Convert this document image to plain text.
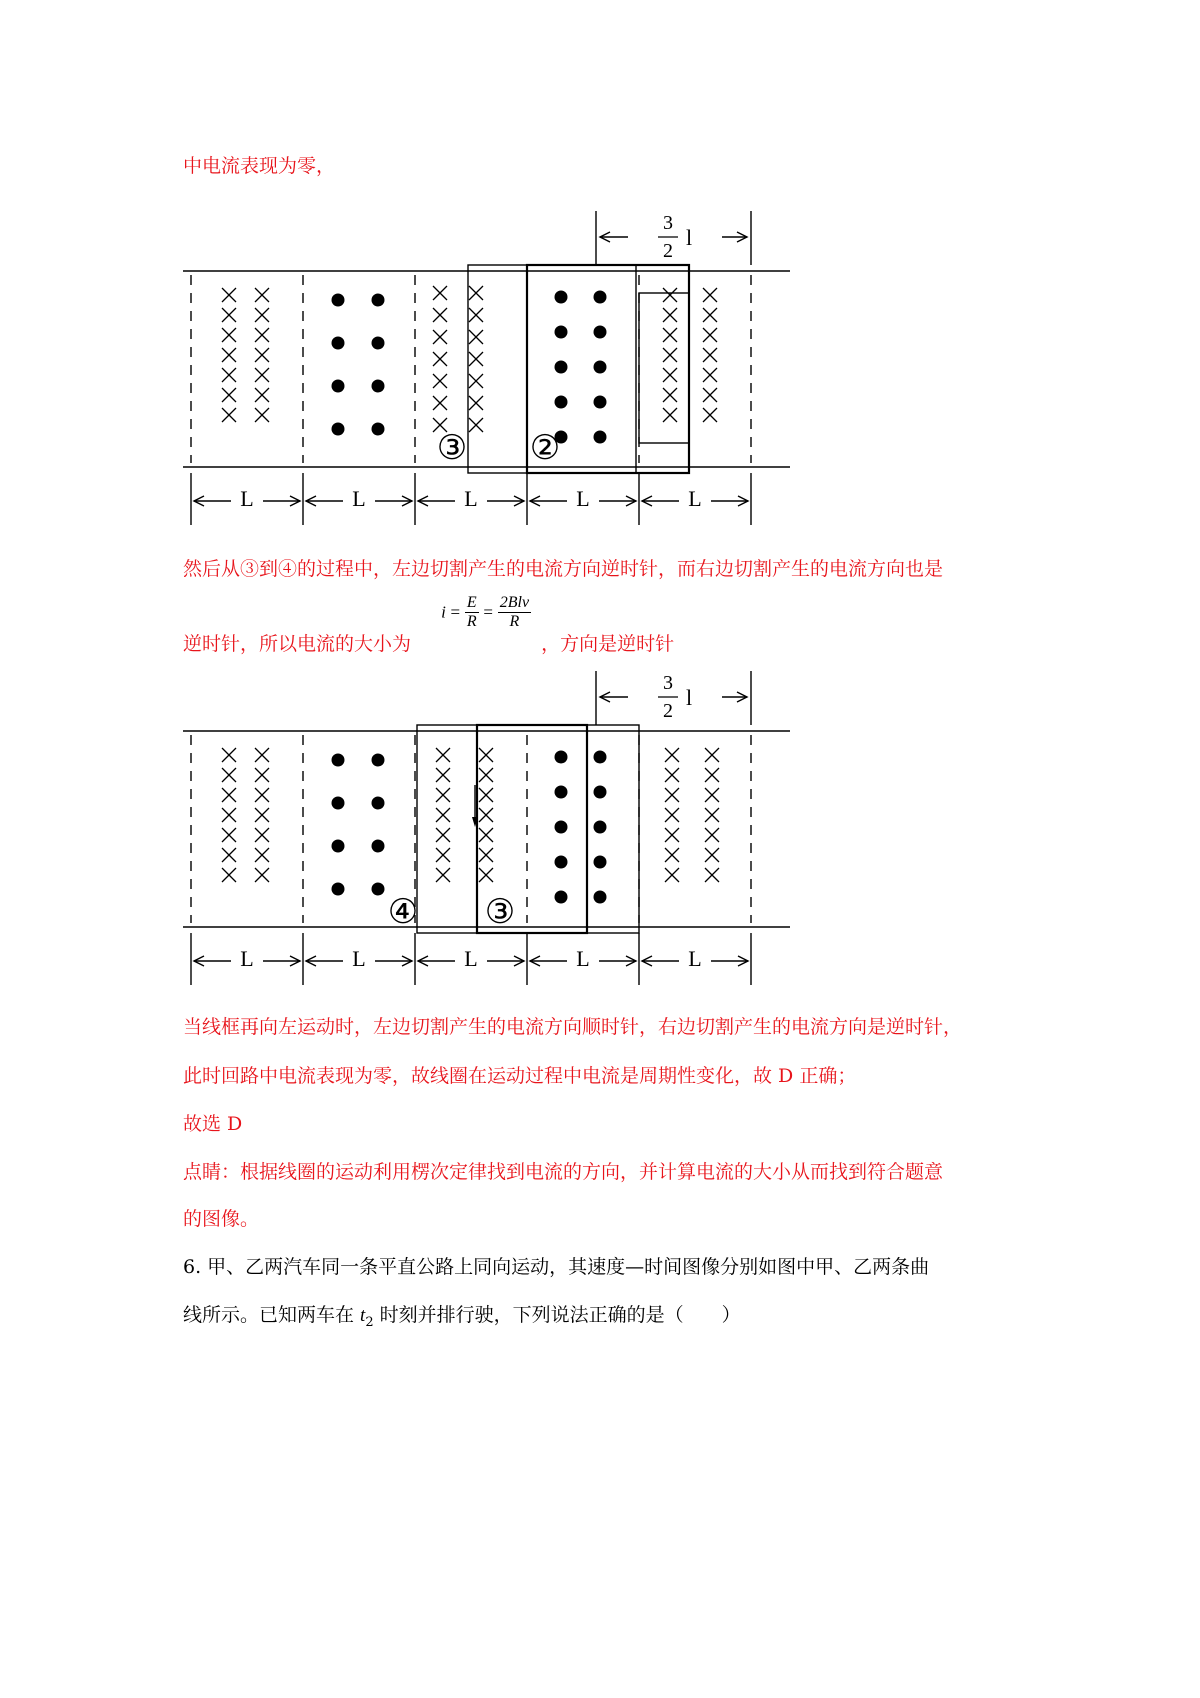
中电流表现为零，
3
2
l
③ ②
L	L	L	L	L
然后从③到④的过程中，左边切割产生的电流方向逆时针，而右边切割产生的电流方向也是
逆时针，所以电流的大小为 $i = \frac{E}{R} = \frac{\text{2Blv}}{R}$
，方向是逆时针
3
2
l
④ ③
L	L	L	L	L
当线框再向左运动时，左边切割产生的电流方向顺时针，右边切割产生的电流方向是逆时针，
此时回路中电流表现为零，故线圈在运动过程中电流是周期性变化，故 D 正确；
故选 D
点睛：根据线圈的运动利用楞次定律找到电流的方向，并计算电流的大小从而找到符合题意
的图像。
6. 甲、乙两汽车同一条平直公路上同向运动，其速度—时间图像分别如图中甲、乙两条曲
线所示。已知两车在 $t_2$ 时刻并排行驶，下列说法正确的是（　　）
